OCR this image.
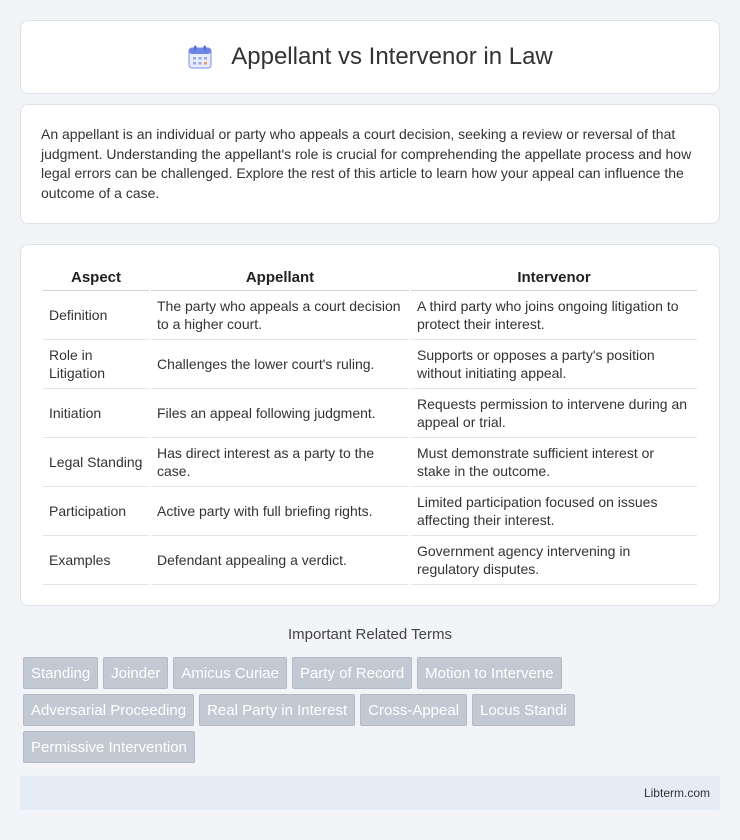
Appellant vs Intervenor in Law

An appellant is an individual or party who appeals a court decision, seeking a review or reversal of that judgment. Understanding the appellant's role is crucial for comprehending the appellate process and how legal errors can be challenged. Explore the rest of this article to learn how your appeal can influence the outcome of a case.

Aspect	Appellant	Intervenor
Definition	The party who appeals a court decision to a higher court.	A third party who joins ongoing litigation to protect their interest.
Role in Litigation	Challenges the lower court's ruling.	Supports or opposes a party's position without initiating appeal.
Initiation	Files an appeal following judgment.	Requests permission to intervene during an appeal or trial.
Legal Standing	Has direct interest as a party to the case.	Must demonstrate sufficient interest or stake in the outcome.
Participation	Active party with full briefing rights.	Limited participation focused on issues affecting their interest.
Examples	Defendant appealing a verdict.	Government agency intervening in regulatory disputes.
Important Related Terms
Standing	Joinder	Amicus Curiae	Party of Record	Motion to Intervene
Adversarial Proceeding	Real Party in Interest	Cross-Appeal	Locus Standi
Permissive Intervention
Libterm.com
